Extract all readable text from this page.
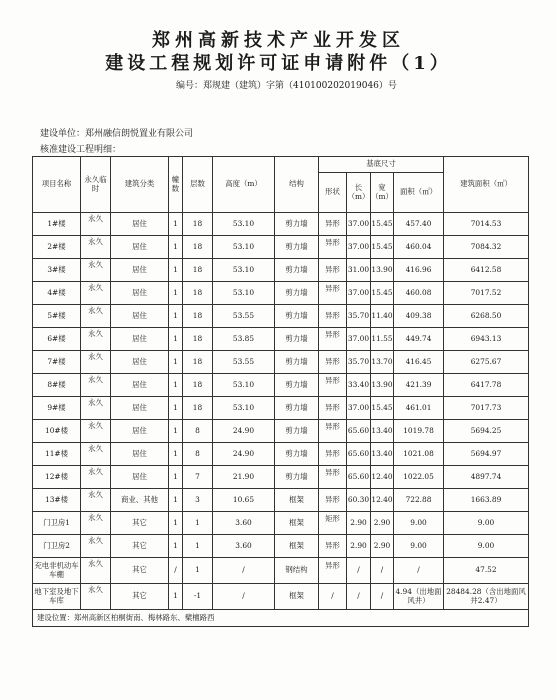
郑州高新技术产业开发区
建设工程规划许可证申请附件（1）
编号：郑规建（建筑）字第（410100202019046）号
建设单位：郑州融信朗悦置业有限公司
核准建设工程明细：
项目名称	永久临时	建筑分类	幢数	层数	高度（m）	结构	基底尺寸				建筑面积（㎡）
							形状	长（m）	宽（m）	面积（㎡）	
1#楼	永久	居住	1	18	53.10	剪力墙	异形	37.00	15.45	457.40	7014.53
2#楼	永久	居住	1	18	53.10	剪力墙	异形	37.00	15.45	460.04	7084.32
3#楼	永久	居住	1	18	53.10	剪力墙	异形	31.00	13.90	416.96	6412.58
4#楼	永久	居住	1	18	53.10	剪力墙	异形	37.00	15.45	460.08	7017.52
5#楼	永久	居住	1	18	53.55	剪力墙	异形	35.70	11.40	409.38	6268.50
6#楼	永久	居住	1	18	53.85	剪力墙	异形	37.00	11.55	449.74	6943.13
7#楼	永久	居住	1	18	53.55	剪力墙	异形	35.70	13.70	416.45	6275.67
8#楼	永久	居住	1	18	53.10	剪力墙	异形	33.40	13.90	421.39	6417.78
9#楼	永久	居住	1	18	53.10	剪力墙	异形	37.00	15.45	461.01	7017.73
10#楼	永久	居住	1	8	24.90	剪力墙	异形	65.60	13.40	1019.78	5694.25
11#楼	永久	居住	1	8	24.90	剪力墙	异形	65.60	13.40	1021.08	5694.97
12#楼	永久	居住	1	7	21.90	剪力墙	异形	65.60	12.40	1022.05	4897.74
13#楼	永久	商业、其他	1	3	10.65	框架	异形	60.30	12.40	722.88	1663.89
门卫房1	永久	其它	1	1	3.60	框架	矩形	2.90	2.90	9.00	9.00
门卫房2	永久	其它	1	1	3.60	框架	异形	2.90	2.90	9.00	9.00
充电非机动车车棚	永久	其它	/	1	/	钢结构	异形	/	/	/	47.52
地下室及地下车库	永久	其它	1	-1	/	框架	/	/	/	4.94（出地面风井）	28484.28（含出地面风井2.47）
建设位置：郑州高新区柏桐街南、梅林路东、檗檀路西											
